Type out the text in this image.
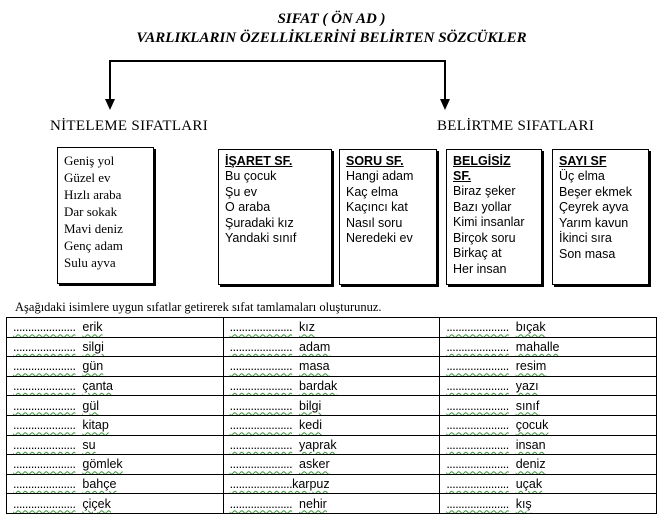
SIFAT ( ÖN AD )
VARLIKLARIN ÖZELLİKLERİNİ BELİRTEN SÖZCÜKLER
NİTELEME SIFATLARI	BELİRTME SIFATLARI
Geniş yol
Güzel ev
Hızlı araba
Dar sokak
Mavi deniz
Genç adam
Sulu ayva
İŞARET SF.
Bu çocuk
Şu ev
O araba
Şuradaki kız
Yandaki sınıf
SORU SF.
Hangi adam
Kaç elma
Kaçıncı kat
Nasıl soru
Neredeki ev
BELGİSİZ
SF.
Biraz şeker
Bazı yollar
Kimi insanlar
Birçok soru
Birkaç at
Her insan
SAYI SF
Üç elma
Beşer ekmek
Çeyrek ayva
Yarım kavun
İkinci sıra
Son masa
Aşağıdaki isimlere uygun sıfatlar getirerek sıfat tamlamaları oluşturunuz.
..................... erik	..................... kız	..................... bıçak
..................... silgi	..................... adam	..................... mahalle
..................... gün	..................... masa	..................... resim
..................... çanta	..................... bardak	..................... yazı
..................... gül	..................... bilgi	..................... sınıf
..................... kitap	..................... kedi	..................... çocuk
..................... su	..................... yaprak	..................... insan
..................... gömlek	..................... asker	..................... deniz
..................... bahçe	.....................karpuz	..................... uçak
..................... çiçek	..................... nehir	..................... kış
